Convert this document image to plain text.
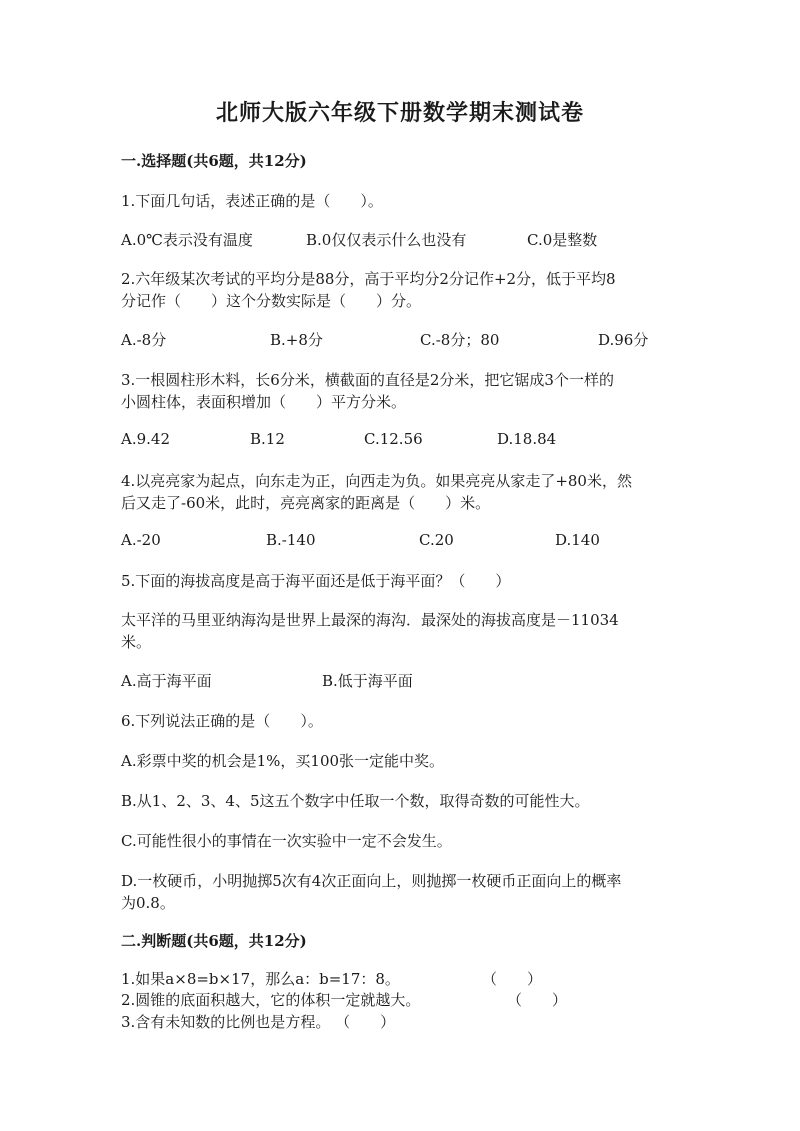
北师大版六年级下册数学期末测试卷
一.选择题(共6题，共12分)
1.下面几句话，表述正确的是（　　）。
A.0℃表示没有温度	B.0仅仅表示什么也没有	C.0是整数
2.六年级某次考试的平均分是88分，高于平均分2分记作+2分，低于平均8
分记作（　　）这个分数实际是（　　）分。
A.-8分	B.+8分	C.-8分；80	D.96分
3.一根圆柱形木料，长6分米，横截面的直径是2分米，把它锯成3个一样的
小圆柱体，表面积增加（　　）平方分米。
A.9.42	B.12	C.12.56	D.18.84
4.以亮亮家为起点，向东走为正，向西走为负。如果亮亮从家走了+80米，然
后又走了-60米，此时，亮亮离家的距离是（　　）米。
A.-20	B.-140	C.20	D.140
5.下面的海拔高度是高于海平面还是低于海平面？（　　）
太平洋的马里亚纳海沟是世界上最深的海沟．最深处的海拔高度是－11034
米。
A.高于海平面	B.低于海平面
6.下列说法正确的是（　　）。
A.彩票中奖的机会是1%，买100张一定能中奖。
B.从1、2、3、4、5这五个数字中任取一个数，取得奇数的可能性大。
C.可能性很小的事情在一次实验中一定不会发生。
D.一枚硬币，小明抛掷5次有4次正面向上，则抛掷一枚硬币正面向上的概率
为0.8。
二.判断题(共6题，共12分)
1.如果a×8=b×17，那么a：b=17：8。	（　　）
2.圆锥的底面积越大，它的体积一定就越大。	（　　）
3.含有未知数的比例也是方程。 （　　）
